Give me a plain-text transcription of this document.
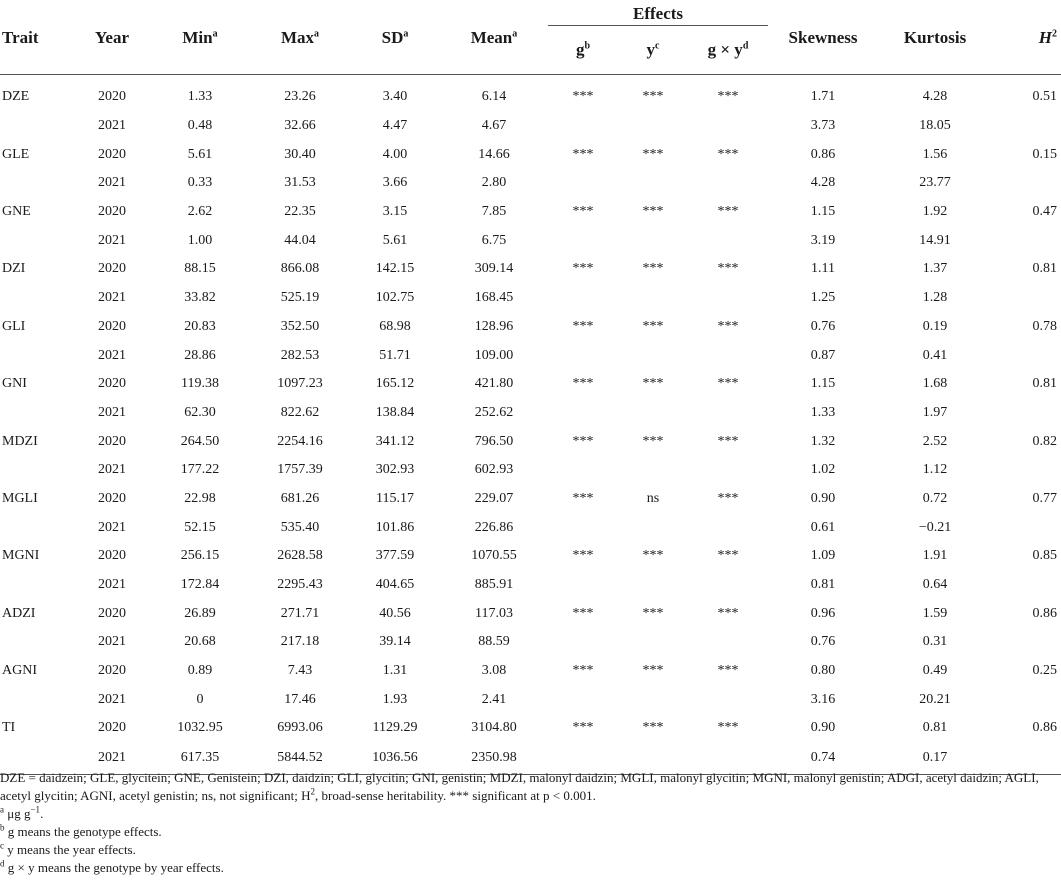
Trait	Year	Min$^a$	Max$^a$	$SD^a$	Mean$^a$	Effects			Skewness	Kurtosis	$H^2$
						$g^b$	$y^c$	$g \times y^d$
DZE	2020	1.33	23.26	3.40	6.14	***	***	***	1.71	4.28	0.51
	2021	0.48	32.66	4.47	4.67				3.73	18.05	
GLE	2020	5.61	30.40	4.00	14.66	***	***	***	0.86	1.56	0.15
	2021	0.33	31.53	3.66	2.80				4.28	23.77	
GNE	2020	2.62	22.35	3.15	7.85	***	***	***	1.15	1.92	0.47
	2021	1.00	44.04	5.61	6.75				3.19	14.91	
DZI	2020	88.15	866.08	142.15	309.14	***	***	***	1.11	1.37	0.81
	2021	33.82	525.19	102.75	168.45				1.25	1.28	
GLI	2020	20.83	352.50	68.98	128.96	***	***	***	0.76	0.19	0.78
	2021	28.86	282.53	51.71	109.00				0.87	0.41	
GNI	2020	119.38	1097.23	165.12	421.80	***	***	***	1.15	1.68	0.81
	2021	62.30	822.62	138.84	252.62				1.33	1.97	
MDZI	2020	264.50	2254.16	341.12	796.50	***	***	***	1.32	2.52	0.82
	2021	177.22	1757.39	302.93	602.93				1.02	1.12	
MGLI	2020	22.98	681.26	115.17	229.07	***	ns	***	0.90	0.72	0.77
	2021	52.15	535.40	101.86	226.86				0.61	−0.21	
MGNI	2020	256.15	2628.58	377.59	1070.55	***	***	***	1.09	1.91	0.85
	2021	172.84	2295.43	404.65	885.91				0.81	0.64	
ADZI	2020	26.89	271.71	40.56	117.03	***	***	***	0.96	1.59	0.86
	2021	20.68	217.18	39.14	88.59				0.76	0.31	
AGNI	2020	0.89	7.43	1.31	3.08	***	***	***	0.80	0.49	0.25
	2021	0	17.46	1.93	2.41				3.16	20.21	
TI	2020	1032.95	6993.06	1129.29	3104.80	***	***	***	0.90	0.81	0.86
	2021	617.35	5844.52	1036.56	2350.98				0.74	0.17	

DZE = daidzein; GLE, glycitein; GNE, Genistein; DZI, daidzin; GLI, glycitin; GNI, genistin; MDZI, malonyl daidzin; MGLI, malonyl glycitin; MGNI, malonyl genistin; ADGI, acetyl daidzin; AGLI, acetyl glycitin; AGNI, acetyl genistin; ns, not significant; $H^2$, broad-sense heritability. *** significant at p < 0.001.

$^a$ μg $g^{-1}$.

$^b$ g means the genotype effects.

$^c$ y means the year effects.

$^d$ g × y means the genotype by year effects.
